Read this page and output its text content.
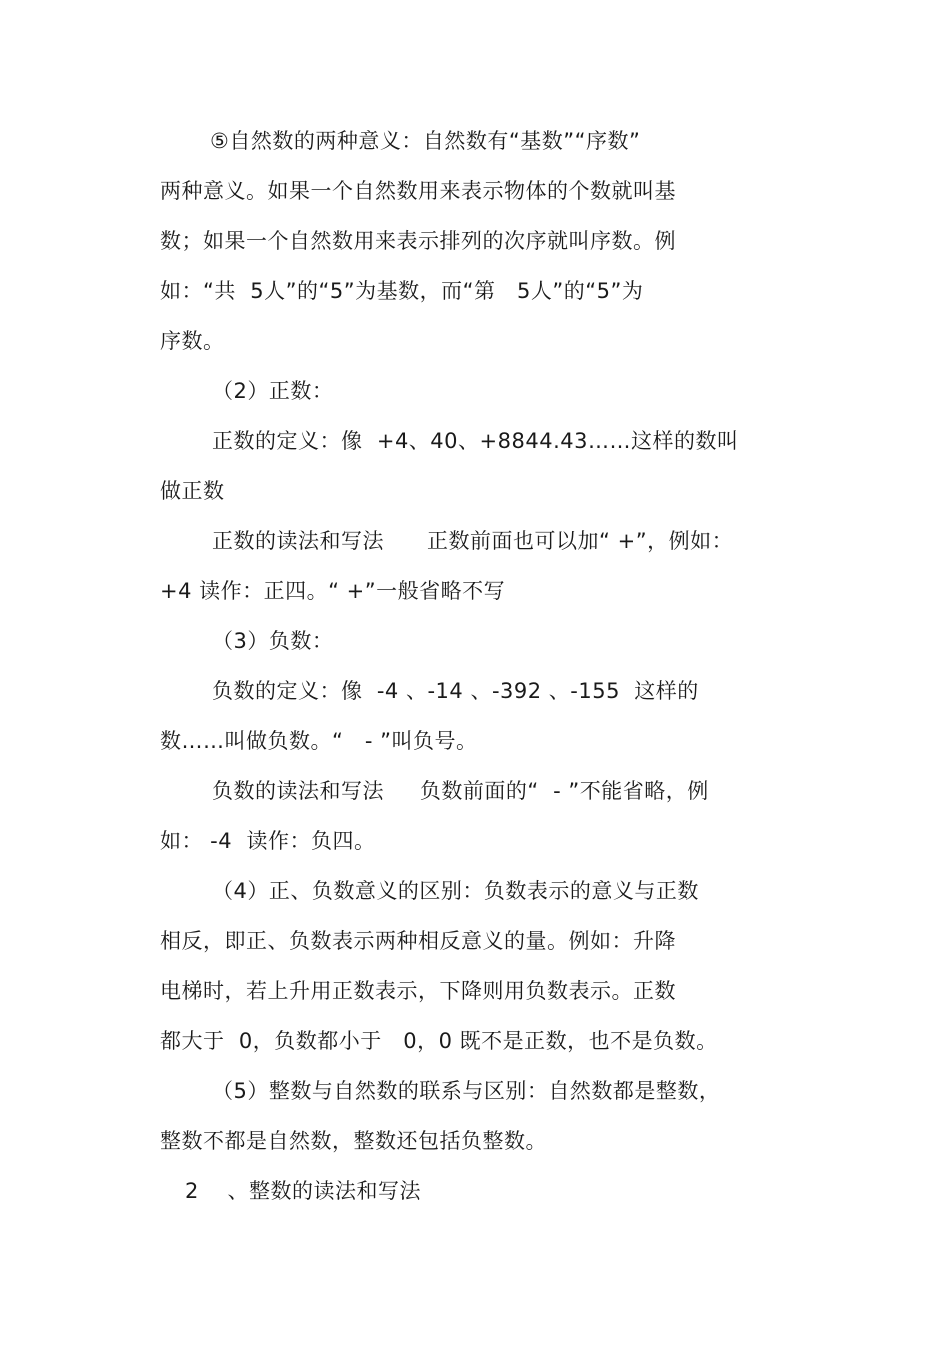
⑤自然数的两种意义：自然数有“基数”“序数”
两种意义。如果一个自然数用来表示物体的个数就叫基
数；如果一个自然数用来表示排列的次序就叫序数。例
如：“共  5人”的“5”为基数，而“第   5人”的“5”为
序数。
（2）正数：
正数的定义：像  +4、40、+8844.43……这样的数叫
做正数
正数的读法和写法      正数前面也可以加“ +”，例如：
+4 读作：正四。“ +”一般省略不写
（3）负数：
负数的定义：像  -4 、-14 、-392 、-155  这样的
数……叫做负数。“   - ”叫负号。
负数的读法和写法     负数前面的“  - ”不能省略，例
如： -4  读作：负四。
（4）正、负数意义的区别：负数表示的意义与正数
相反，即正、负数表示两种相反意义的量。例如：升降
电梯时，若上升用正数表示，下降则用负数表示。正数
都大于  0，负数都小于   0，0 既不是正数，也不是负数。
（5）整数与自然数的联系与区别：自然数都是整数，
整数不都是自然数，整数还包括负整数。
2    、整数的读法和写法
